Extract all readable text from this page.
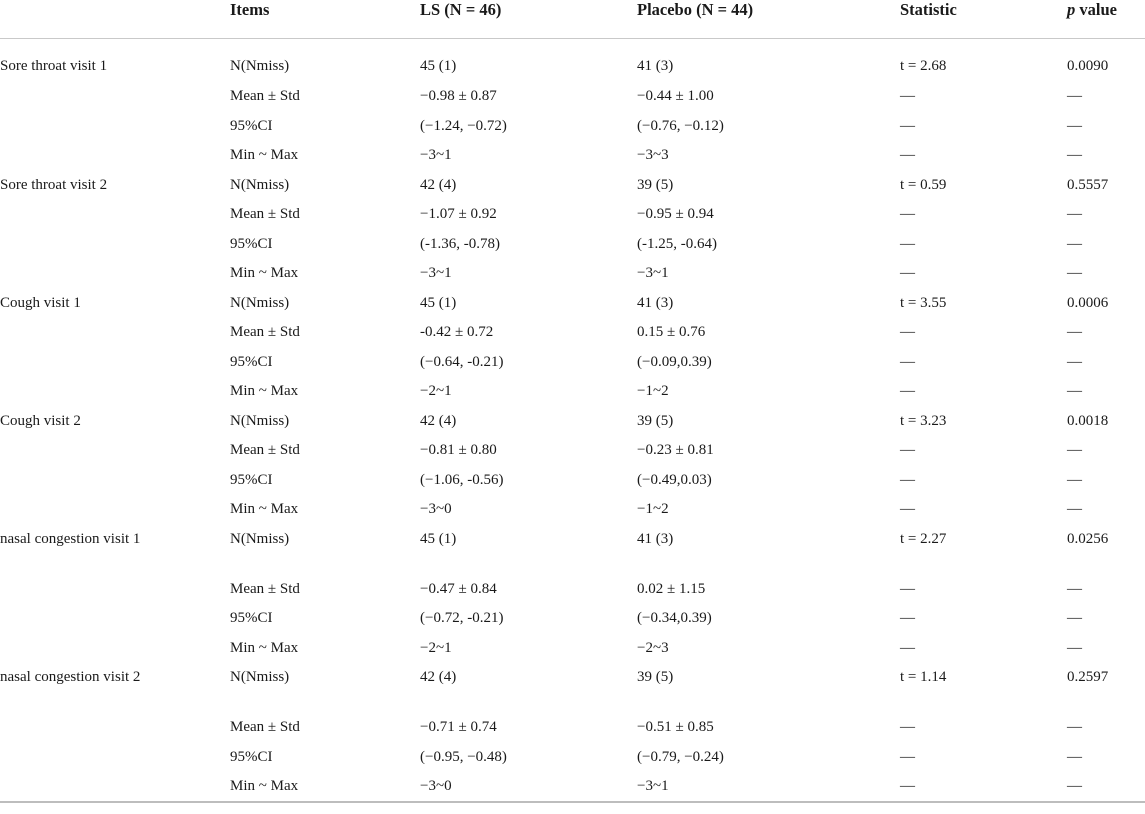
	Items	LS (N = 46)	Placebo (N = 44)	Statistic	p value

Sore throat visit 1	N(Nmiss)	45 (1)	41 (3)	t = 2.68	0.0090

	Mean ± Std	−0.98 ± 0.87	−0.44 ± 1.00	—	—

	95%CI	(−1.24, −0.72)	(−0.76, −0.12)	—	—

	Min ~ Max	−3~1	−3~3	—	—

Sore throat visit 2	N(Nmiss)	42 (4)	39 (5)	t = 0.59	0.5557

	Mean ± Std	−1.07 ± 0.92	−0.95 ± 0.94	—	—

	95%CI	(-1.36, -0.78)	(-1.25, -0.64)	—	—

	Min ~ Max	−3~1	−3~1	—	—

Cough visit 1	N(Nmiss)	45 (1)	41 (3)	t = 3.55	0.0006

	Mean ± Std	-0.42 ± 0.72	0.15 ± 0.76	—	—

	95%CI	(−0.64, -0.21)	(−0.09,0.39)	—	—

	Min ~ Max	−2~1	−1~2	—	—

Cough visit 2	N(Nmiss)	42 (4)	39 (5)	t = 3.23	0.0018

	Mean ± Std	−0.81 ± 0.80	−0.23 ± 0.81	—	—

	95%CI	(−1.06, -0.56)	(−0.49,0.03)	—	—

	Min ~ Max	−3~0	−1~2	—	—

nasal congestion visit 1	N(Nmiss)	45 (1)	41 (3)	t = 2.27	0.0256

	Mean ± Std	−0.47 ± 0.84	0.02 ± 1.15	—	—

	95%CI	(−0.72, -0.21)	(−0.34,0.39)	—	—

	Min ~ Max	−2~1	−2~3	—	—

nasal congestion visit 2	N(Nmiss)	42 (4)	39 (5)	t = 1.14	0.2597

	Mean ± Std	−0.71 ± 0.74	−0.51 ± 0.85	—	—

	95%CI	(−0.95, −0.48)	(−0.79, −0.24)	—	—

	Min ~ Max	−3~0	−3~1	—	—
